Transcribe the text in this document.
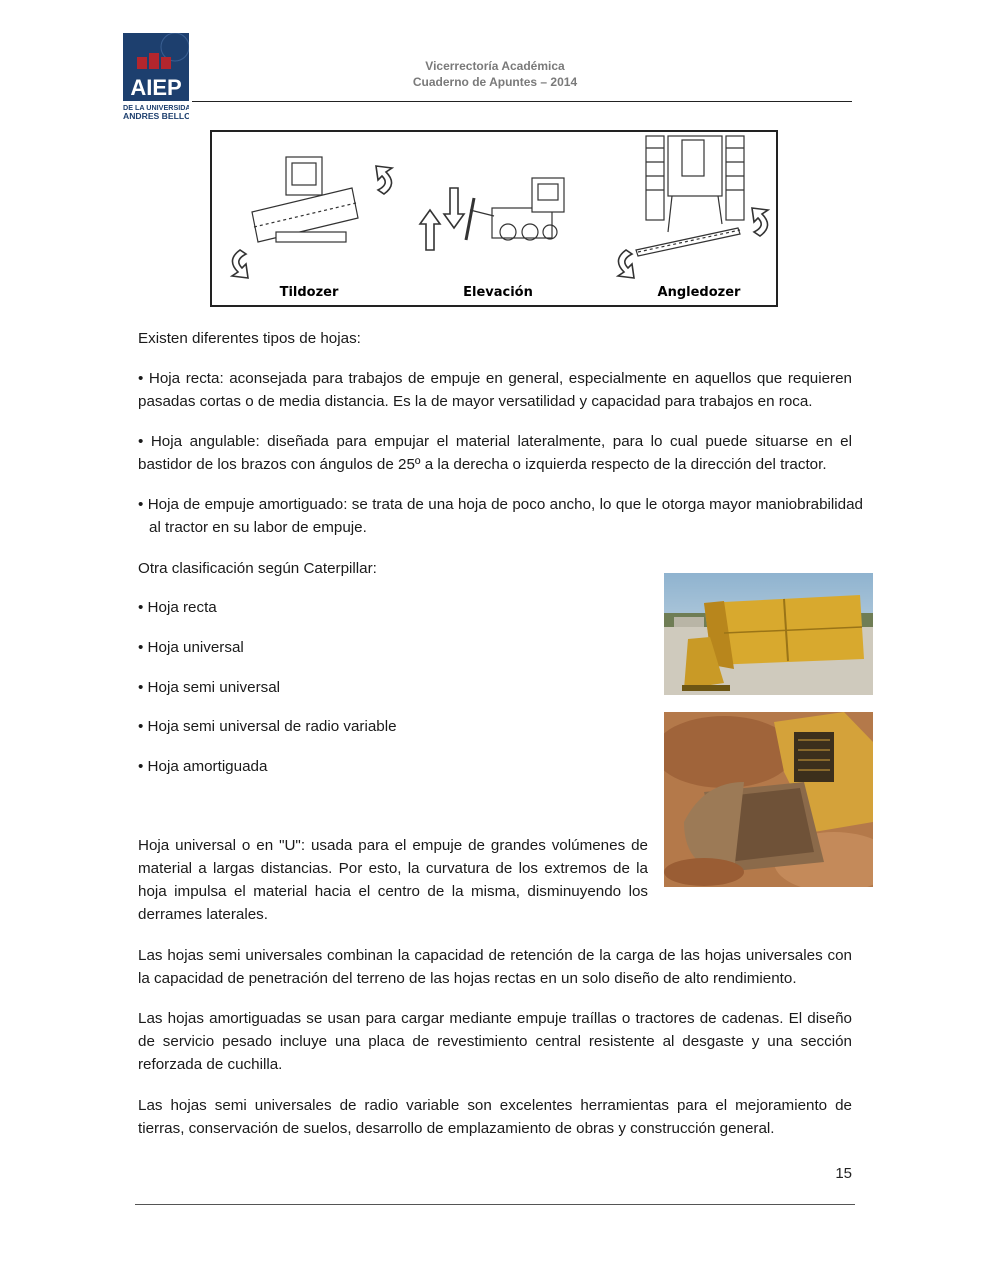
AIEP
DE LA UNIVERSIDAD
ANDRES BELLO
Vicerrectoría Académica
Cuaderno de Apuntes – 2014
Tildozer	Elevación	Angledozer
Existen diferentes tipos de hojas:
• Hoja recta: aconsejada para trabajos de empuje en general, especialmente en aquellos que requieren pasadas cortas o de media distancia. Es la de mayor versatilidad y capacidad para trabajos en roca.
• Hoja angulable: diseñada para empujar el material lateralmente, para lo cual puede situarse en el bastidor de los brazos con ángulos de 25º a la derecha o izquierda respecto de la dirección del tractor.
• Hoja de empuje amortiguado: se trata de una hoja de poco ancho, lo que le otorga mayor maniobrabilidad al tractor en su labor de empuje.
Otra clasificación según Caterpillar:
• Hoja recta
• Hoja universal
• Hoja semi universal
• Hoja semi universal de radio variable
• Hoja amortiguada
Hoja universal o en "U": usada para el empuje de grandes volúmenes de material a largas distancias. Por esto, la curvatura de los extremos de la hoja impulsa el material hacia el centro de la misma, disminuyendo los derrames laterales.
Las hojas semi universales combinan la capacidad de retención de la carga de las hojas universales con la capacidad de penetración del terreno de las hojas rectas en un solo diseño de alto rendimiento.
Las hojas amortiguadas se usan para cargar mediante empuje traíllas o tractores de cadenas. El diseño de servicio pesado incluye una placa de revestimiento central resistente al desgaste y una sección reforzada de cuchilla.
Las hojas semi universales de radio variable son excelentes herramientas para el mejoramiento de tierras, conservación de suelos, desarrollo de emplazamiento de obras y construcción general.
15
